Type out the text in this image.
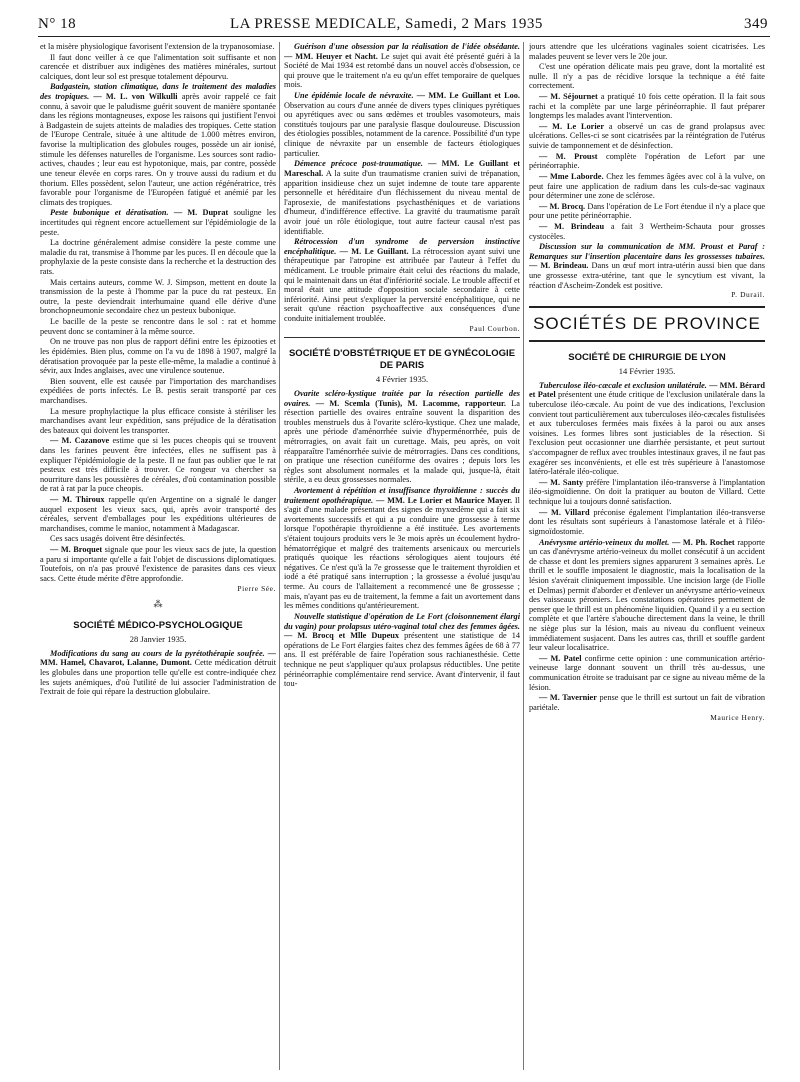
N° 18	LA PRESSE MEDICALE, Samedi, 2 Mars 1935	349

et la misère physiologique favorisent l'extension de la trypanosomiase.

Il faut donc veiller à ce que l'alimentation soit suffisante et non carencée et distribuer aux indigènes des matières minérales, surtout calciques, dont leur sol est presque totalement dépourvu.

Badgastein, station climatique, dans le traitement des maladies des tropiques. — M. L. von Wilkulli après avoir rappelé ce fait connu, à savoir que le paludisme guérit souvent de manière spontanée dans les régions montagneuses, expose les raisons qui justifient l'envoi à Badgastein de sujets atteints de maladies des tropiques. Cette station de l'Europe Centrale, située à une altitude de 1.000 mètres environ, favorise la multiplication des globules rouges, possède un air ionisé, stimule les défenses naturelles de l'organisme. Les sources sont radio-actives, chaudes ; leur eau est hypotonique, mais, par contre, possède une teneur élevée en corps rares. On y trouve aussi du radium et du thorium. Elles possèdent, selon l'auteur, une action régénératrice, très favorable pour l'organisme de l'Européen fatigué et anémié par les climats des tropiques.

Peste bubonique et dératisation. — M. Duprat souligne les incertitudes qui règnent encore actuellement sur l'épidémiologie de la peste.

La doctrine généralement admise considère la peste comme une maladie du rat, transmise à l'homme par les puces. Il en découle que la prophylaxie de la peste consiste dans la recherche et la destruction des rats.

Mais certains auteurs, comme W. J. Simpson, mettent en doute la transmission de la peste à l'homme par la puce du rat pesteux. En outre, la peste deviendrait interhumaine quand elle dérive d'une bronchopneumonie secondaire chez un pesteux bubonique.

Le bacille de la peste se rencontre dans le sol : rat et homme peuvent donc se contaminer à la même source.

On ne trouve pas non plus de rapport défini entre les épizooties et les épidémies. Bien plus, comme on l'a vu de 1898 à 1907, malgré la dératisation provoquée par la peste elle-même, la maladie a continué à sévir, aux Indes anglaises, avec une virulence soutenue.

Bien souvent, elle est causée par l'importation des marchandises expédiées de ports infectés. Le B. pestis serait transporté par ces marchandises.

La mesure prophylactique la plus efficace consiste à stériliser les marchandises avant leur expédition, sans préjudice de la dératisation des bateaux qui doivent les transporter.

— M. Cazanove estime que si les puces cheopis qui se trouvent dans les farines peuvent être infectées, elles ne suffisent pas à expliquer l'épidémiologie de la peste. Il ne faut pas oublier que le rat pesteux est très difficile à trouver. Ce rongeur va chercher sa nourriture dans les poussières de céréales, d'où contamination possible de rat à rat par la puce cheopis.

— M. Thiroux rappelle qu'en Argentine on a signalé le danger auquel exposent les vieux sacs, qui, après avoir transporté des céréales, servent d'emballages pour les expéditions ultérieures de marchandises, comme le manioc, notamment à Madagascar.

Ces sacs usagés doivent être désinfectés.

— M. Broquet signale que pour les vieux sacs de jute, la question a paru si importante qu'elle a fait l'objet de discussions diplomatiques. Toutefois, on n'a pas prouvé l'existence de parasites dans ces vieux sacs. Cette étude mérite d'être approfondie.

Pierre Sée.
⁂
SOCIÉTÉ MÉDICO-PSYCHOLOGIQUE
28 Janvier 1935.

Modifications du sang au cours de la pyrétothérapie soufrée. — MM. Hamel, Chavarot, Lalanne, Dumont. Cette médication détruit les globules dans une proportion telle qu'elle est contre-indiquée chez les sujets anémiques, d'où l'utilité de lui associer l'administration de l'extrait de foie qui répare la destruction globulaire.

Guérison d'une obsession par la réalisation de l'idée obsédante. — MM. Heuyer et Nacht. Le sujet qui avait été présenté guéri à la Société de Mai 1934 est retombé dans un nouvel accès d'obsession, ce qui prouve que le traitement n'a eu qu'un effet temporaire de quelques mois.

Une épidémie locale de névraxite. — MM. Le Guillant et Loo. Observation au cours d'une année de divers types cliniques pyrétiques ou apyrétiques avec ou sans œdèmes et troubles vasomoteurs, mais constitués toujours par une paralysie flasque douloureuse. Discussion des étiologies possibles, notamment de la carence. Possibilité d'un type clinique de névraxite par un ensemble de facteurs étiologiques particulier.

Démence précoce post-traumatique. — MM. Le Guillant et Mareschal. A la suite d'un traumatisme cranien suivi de trépanation, apparition insidieuse chez un sujet indemne de toute tare apparente personnelle et héréditaire d'un fléchissement du niveau mental de l'aprosexie, de manifestations psychasthéniques et de variations d'humeur, d'indifférence effective. La gravité du traumatisme paraît avoir joué un rôle étiologique, tout autre facteur causal n'est pas identifiable.

Rétrocession d'un syndrome de perversion instinctive encéphalitique. — M. Le Guillant. La rétrocession ayant suivi une thérapeutique par l'atropine est attribuée par l'auteur à l'effet du médicament. Le trouble primaire était celui des réactions du malade, qui le maintenait dans un état d'infériorité sociale. Le trouble affectif et moral était une attitude d'opposition sociale secondaire à cette infériorité. Ainsi peut s'expliquer la perversité encéphalitique, qui ne serait qu'une réaction psychoaffective aux conséquences d'une conduite initialement troublée.

Paul Courbon.
SOCIÉTÉ D'OBSTÉTRIQUE ET DE GYNÉCOLOGIE DE PARIS
4 Février 1935.

Ovarite scléro-kystique traitée par la résection partielle des ovaires. — M. Scemla (Tunis), M. Lacomme, rapporteur. La résection partielle des ovaires entraîne souvent la disparition des troubles menstruels dus à l'ovarite scléro-kystique. Chez une malade, après une période d'aménorrhée suivie d'hyperménorrhée, puis de métrorragies, on avait fait un curettage. Mais, peu après, on voit réapparaître l'aménorrhée suivie de métrorragies. Dans ces conditions, on pratique une résection cunéiforme des ovaires ; depuis lors les règles sont absolument normales et la malade qui, jusque-là, était stérile, a eu deux grossesses normales.

Avortement à répétition et insuffisance thyroïdienne : succès du traitement opothérapique. — MM. Le Lorier et Maurice Mayer. Il s'agit d'une malade présentant des signes de myxœdème qui a fait six avortements successifs et qui a pu conduire une grossesse à terme lorsque l'opothérapie thyroïdienne a été instituée. Les avortements s'étaient toujours produits vers le 3e mois après un écoulement hydro-hématorrégique et malgré des traitements arsenicaux ou mercuriels pratiqués quoique les réactions sérologiques aient toujours été négatives. Ce n'est qu'à la 7e grossesse que le traitement thyroïdien et iodé a été pratiqué sans interruption ; la grossesse a évolué jusqu'au terme. Au cours de l'allaitement a recommencé une 8e grossesse ; mais, n'ayant pas eu de traitement, la femme a fait un avortement dans les mêmes conditions qu'antérieurement.

Nouvelle statistique d'opération de Le Fort (cloisonnement élargi du vagin) pour prolapsus utéro-vaginal total chez des femmes âgées. — M. Brocq et Mlle Dupeux présentent une statistique de 14 opérations de Le Fort élargies faites chez des femmes âgées de 68 à 77 ans. Il est préférable de faire l'opération sous rachianesthésie. Cette technique ne peut s'appliquer qu'aux prolapsus réductibles. Une petite périnéorraphie complémentaire rend service. Avant d'intervenir, il faut tou-

jours attendre que les ulcérations vaginales soient cicatrisées. Les malades peuvent se lever vers le 20e jour.

C'est une opération délicate mais peu grave, dont la mortalité est nulle. Il n'y a pas de récidive lorsque la technique a été faite correctement.

— M. Séjournet a pratiqué 10 fois cette opération. Il la fait sous rachi et la complète par une large périnéorraphie. Il faut préparer longtemps les malades avant l'intervention.

— M. Le Lorier a observé un cas de grand prolapsus avec ulcérations. Celles-ci se sont cicatrisées par la réintégration de l'utérus suivie de tamponnement et de désinfection.

— M. Proust complète l'opération de Lefort par une périnéorraphie.

— Mme Laborde. Chez les femmes âgées avec col à la vulve, on peut faire une application de radium dans les culs-de-sac vaginaux pour déterminer une zone de sclérose.

— M. Brocq. Dans l'opération de Le Fort étendue il n'y a place que pour une petite périnéorraphie.

— M. Brindeau a fait 3 Wertheim-Schauta pour grosses cystocèles.

Discussion sur la communication de MM. Proust et Paraf : Remarques sur l'insertion placentaire dans les grossesses tubaires. — M. Brindeau. Dans un œuf mort intra-utérin aussi bien que dans une grossesse extra-utérine, tant que le syncytium est vivant, la réaction d'Ascheim-Zondek est positive.

P. Durail.
SOCIÉTÉS DE PROVINCE
SOCIÉTÉ DE CHIRURGIE DE LYON
14 Février 1935.

Tuberculose iléo-cæcale et exclusion unilatérale. — MM. Bérard et Patel présentent une étude critique de l'exclusion unilatérale dans la tuberculose iléo-cæcale. Au point de vue des indications, l'exclusion convient tout particulièrement aux tuberculoses iléo-cæcales fistulisées et aux tuberculoses fermées mais fixées à la paroi ou aux anses voisines. Les formes libres sont justiciables de la résection. Si l'exclusion peut occasionner une diarrhée persistante, et peut surtout s'accompagner de reflux avec troubles intestinaux graves, il ne faut pas exagérer ses inconvénients, et elle est très supérieure à l'anastomose latéro-latérale iléo-colique.

— M. Santy préfère l'implantation iléo-transverse à l'implantation iléo-sigmoïdienne. On doit la pratiquer au bouton de Villard. Cette technique lui a toujours donné satisfaction.

— M. Villard préconise également l'implantation iléo-transverse dont les résultats sont supérieurs à l'anastomose latérale et à l'iléo-sigmoïdostomie.

Anévrysme artério-veineux du mollet. — M. Ph. Rochet rapporte un cas d'anévrysme artério-veineux du mollet consécutif à un accident de chasse et dont les premiers signes apparurent 3 semaines après. Le thrill et le souffle imposaient le diagnostic, mais la localisation de la lésion s'avérait cliniquement impossible. Une incision large (de Fiolle et Delmas) permit d'aborder et d'enlever un anévrysme artério-veineux des vaisseaux péroniers. Les constatations opératoires permettent de penser que le thrill est un phénomène liquidien. Quand il y a eu section complète et que l'artère s'abouche directement dans la veine, le thrill ne siège plus sur la lésion, mais au niveau du confluent veineux immédiatement susjacent. Dans les autres cas, thrill et souffle gardent leur valeur localisatrice.

— M. Patel confirme cette opinion : une communication artério-veineuse large donnant souvent un thrill très au-dessus, une communication étroite se traduisant par ce signe au niveau même de la lésion.

— M. Tavernier pense que le thrill est surtout un fait de vibration pariétale.

Maurice Henry.
